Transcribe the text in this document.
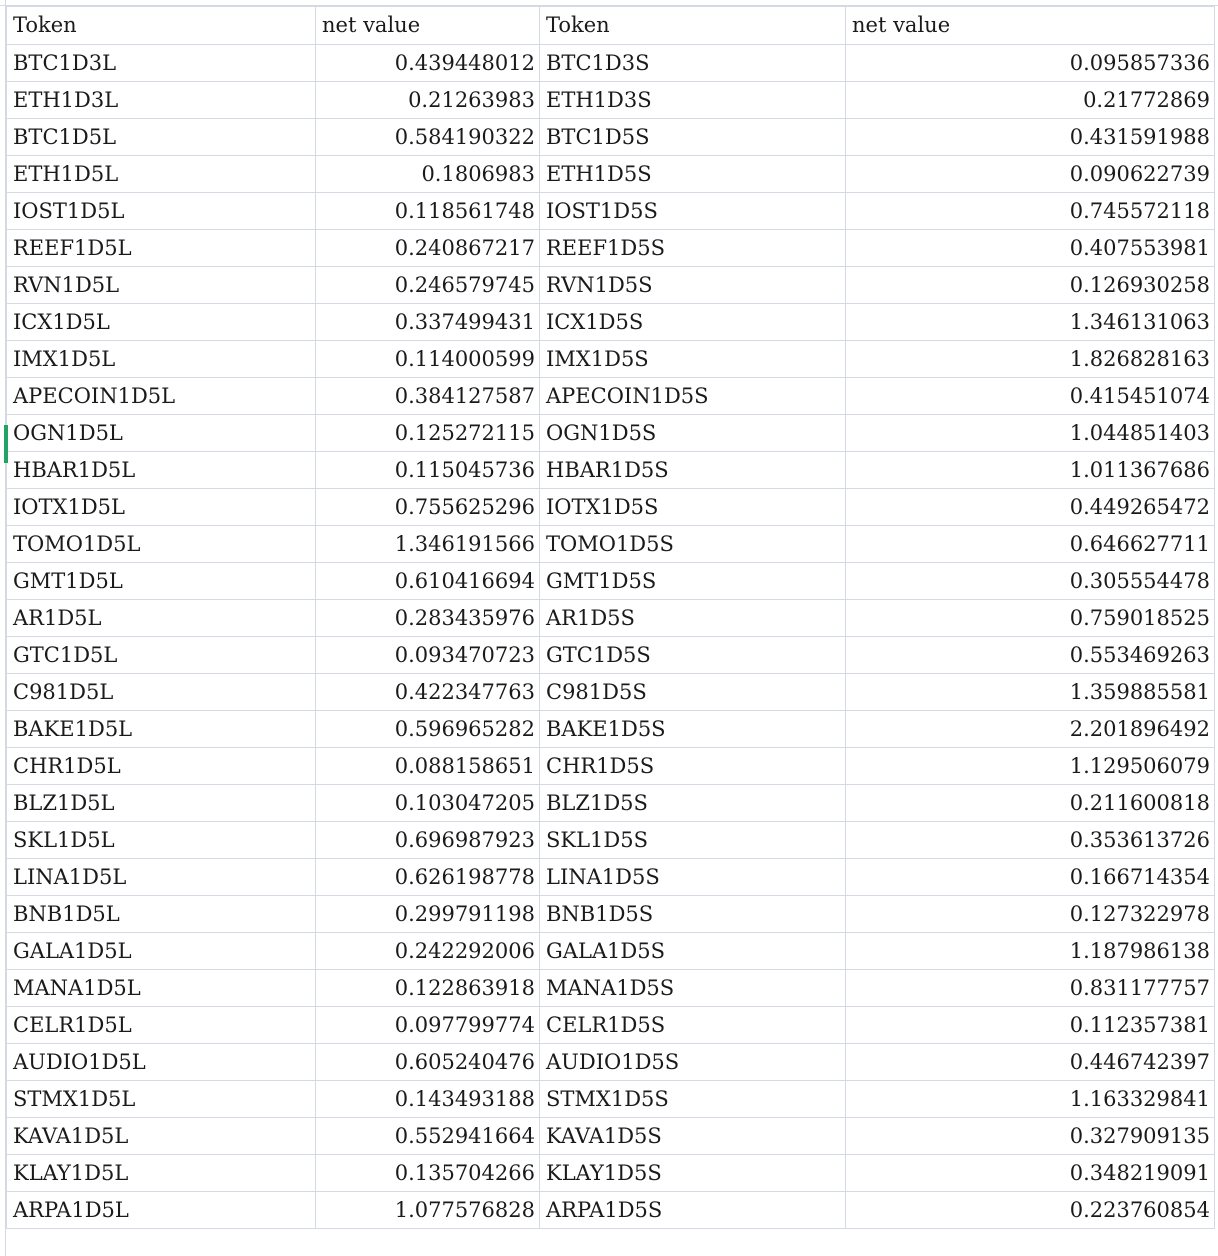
Token	net value	Token	net value
BTC1D3L	0.439448012	BTC1D3S	0.095857336
ETH1D3L	0.21263983	ETH1D3S	0.21772869
BTC1D5L	0.584190322	BTC1D5S	0.431591988
ETH1D5L	0.1806983	ETH1D5S	0.090622739
IOST1D5L	0.118561748	IOST1D5S	0.745572118
REEF1D5L	0.240867217	REEF1D5S	0.407553981
RVN1D5L	0.246579745	RVN1D5S	0.126930258
ICX1D5L	0.337499431	ICX1D5S	1.346131063
IMX1D5L	0.114000599	IMX1D5S	1.826828163
APECOIN1D5L	0.384127587	APECOIN1D5S	0.415451074
OGN1D5L	0.125272115	OGN1D5S	1.044851403
HBAR1D5L	0.115045736	HBAR1D5S	1.011367686
IOTX1D5L	0.755625296	IOTX1D5S	0.449265472
TOMO1D5L	1.346191566	TOMO1D5S	0.646627711
GMT1D5L	0.610416694	GMT1D5S	0.305554478
AR1D5L	0.283435976	AR1D5S	0.759018525
GTC1D5L	0.093470723	GTC1D5S	0.553469263
C981D5L	0.422347763	C981D5S	1.359885581
BAKE1D5L	0.596965282	BAKE1D5S	2.201896492
CHR1D5L	0.088158651	CHR1D5S	1.129506079
BLZ1D5L	0.103047205	BLZ1D5S	0.211600818
SKL1D5L	0.696987923	SKL1D5S	0.353613726
LINA1D5L	0.626198778	LINA1D5S	0.166714354
BNB1D5L	0.299791198	BNB1D5S	0.127322978
GALA1D5L	0.242292006	GALA1D5S	1.187986138
MANA1D5L	0.122863918	MANA1D5S	0.831177757
CELR1D5L	0.097799774	CELR1D5S	0.112357381
AUDIO1D5L	0.605240476	AUDIO1D5S	0.446742397
STMX1D5L	0.143493188	STMX1D5S	1.163329841
KAVA1D5L	0.552941664	KAVA1D5S	0.327909135
KLAY1D5L	0.135704266	KLAY1D5S	0.348219091
ARPA1D5L	1.077576828	ARPA1D5S	0.223760854
